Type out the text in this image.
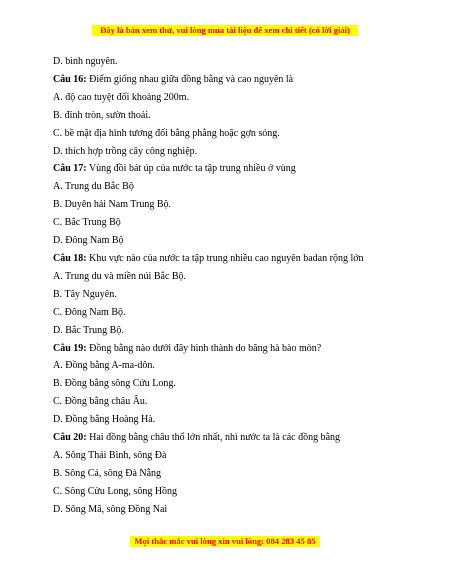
Đây là bản xem thử, vui lòng mua tài liệu để xem chi tiết (có lời giải)
D. bình nguyên.
Câu 16: Điểm giống nhau giữa đồng bằng và cao nguyên là
A. độ cao tuyệt đối khoảng 200m.
B. đỉnh tròn, sườn thoải.
C. bề mặt địa hình tương đối bằng phẳng hoặc gợn sóng.
D. thích hợp trồng cây công nghiệp.
Câu 17: Vùng đồi bát úp của nước ta tập trung nhiều ở vùng
A. Trung du Bắc Bộ
B. Duyên hải Nam Trung Bộ.
C. Bắc Trung Bộ
D. Đông Nam Bộ
Câu 18: Khu vực nào của nước ta tập trung nhiều cao nguyên badan rộng lớn
A. Trung du và miền núi Bắc Bộ.
B. Tây Nguyên.
C. Đông Nam Bộ.
D. Bắc Trung Bộ.
Câu 19: Đồng bằng nào dưới đây hình thành do băng hà bào mòn?
A. Đồng bằng A-ma-dôn.
B. Đồng bằng sông Cửu Long.
C. Đồng bằng châu Âu.
D. Đồng bằng Hoàng Hà.
Câu 20: Hai đồng bằng châu thổ lớn nhất, nhì nước ta là các đồng bằng
A. Sông Thái Bình, sông Đà
B. Sông Cả, sông Đà Nẵng
C. Sông Cửu Long, sông Hồng
D. Sông Mã, sông Đồng Nai
Mọi thắc mắc vui lòng xin vui lòng: 084 283 45 85
